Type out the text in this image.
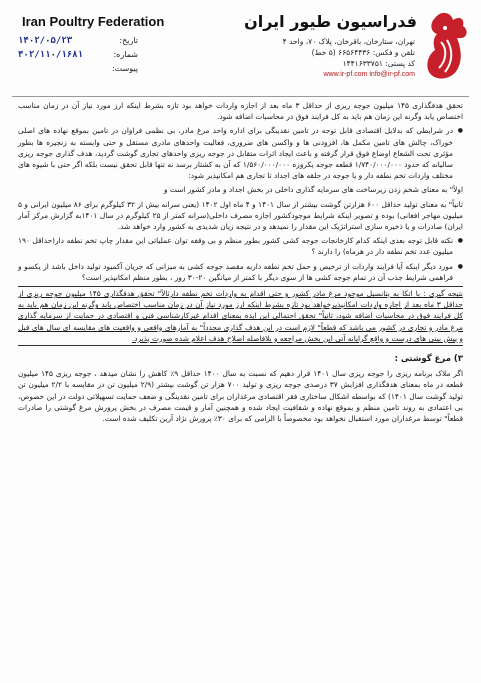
Iran Poultry Federation	فدراسیون طیور ایران
تاریخ:
۱۴۰۲/۰۵/۲۳
شماره:
۴۰۲/۱۱۰/۱۶۸۱
پیوست:
تهران، ستارخان، باقرخان، پلاک ۷۰، واحد ۴
تلفن و فکس: ۶۶۵۶۴۴۳۶ (۵ خط)
کد پستی: ۱۴۴۱۶۳۳۷۵۱
www.ir-pf.com info@ir-pf.com

تحقق هدفگذاری ۱۴۵ میلیون جوجه ریزی از حداقل ۳ ماه بعد از اجازه واردات خواهد بود تازه بشرط اینکه ارز مورد نیاز آن در زمان مناسب اختصاص یابد وگرنه این زمان هم باید به کل فرایند فوق در محاسبات اضافه شود.

● در شرایطی که بدلایل اقتصادی قابل توجه در تامین نقدینگی برای اداره واحد مرغ مادر، بی نظمی فراوان در تامین بموقع نهاده های اصلی خوراک، چالش های تامین مکمل ها، افزودنی ها و واکسن های ضروری، فعالیت واحدهای مادری مستقل و حتی وابسته به زنجیره ها بطور مؤثری تحت الشعاع اوضاع فوق قرار گرفته و باعث ایجاد اثرات متقابل در جوجه ریزی واحدهای تجاری گوشت گردید، هدف گذاری جوجه ریزی سالیانه که حدود ۱/۷۴۰/۰۰۰/۰۰۰ قطعه جوجه یکروزه ۱/۵۶۰/۰۰۰/۰۰۰ که آن به کشتار برسد نه تنها قابل تحقق نیست بلکه اگر حتی با شیوه های مختلف واردات تخم نطفه دار و یا جوجه در حلقه های اجداد تا تجاری هم امکانپذیر شود:

اولاً" به معنای شخم زدن زیرساخت های سرمایه گذاری داخلی در بخش اجداد و مادر کشور است و

ثانیاً" به معنای تولید حداقل ۶۰۰ هزارتن گوشت بیشتر از سال ۱۴۰۱ و ۴ ماه اول ۱۴۰۲ (یعنی سرانه بیش از ۳۲ کیلوگرم برای ۸۶ میلیون ایرانی و ۵ میلیون مهاجر افغانی) بوده و تصویر اینکه شرایط موجودکشور اجازه مصرف داخلی(سرانه کمتر از ۲۵ کیلوگرم در سال ۱۴۰۱به گزارش مرکز آمار ایران) صادرات و یا ذخیره سازی استراتژیک این مقدار را نمیدهد و در نتیجه زیان شدیدی به کشور وارد خواهد شد.

● نکته قابل توجه بعدی اینکه کدام کارخانجات جوجه کشی کشور بطور منظم و بی وقفه توان عملیاتی این مقدار چاپ تخم نطفه دار(حداقل ۱۹۰ میلیون عدد تخم نطفه دار در هرماه) را دارند ؟

● مورد دیگر اینکه آیا فرایند واردات از ترخیص و حمل تخم نطفه داربه مقصد جوجه کشی به میزانی که جریان آکمبود تولید داخل باشد از یکسو و فراهمی شرایط جذب آن در تمام جوجه کشی ها از سوی دیگر با کمتر از میانگین ۲۰-۳۰ روز ، بطور منظم امکانپذیر است؟

نتیجه گیری : با اتکا به پتانسیل موجود مرغ مادر کشور و حتی اقدام به واردات تخم نطفه دارثالاً" تحقق هدفگذاری ۱۴۵ میلیون جوجه ریزی از حداقل ۳ ماه بعد از اجازه واردات امکانپذیرخواهد بود تازه بشرط اینکه ارز مورد نیاز آن در زمان مناسب اختصاص یابد وگرنه این زمان هم باید به کل فرایند فوق در محاسبات اضافه شود، ثانیاً" تحقق احتمالی این ایده بمعنای اقدام غیرکارشناسی فنی و اقتصادی در حمایت از سرمایه گذاری مرغ مادر و تجاری در کشور می باشد که قطعاً" لازم است در این هدف گذاری مجدداً" به آمارهای واقعی و واقعیت های مقایسه ای سال های قبل و پیش بینی های درست و واقع گرایانه آتی این بخش مراجعه و بلافاصله اصلاح هدف اعلام شده صورت پذیرد.

۳) مرغ گوشتی :

اگر ملاک برنامه ریزی را جوجه ریزی سال ۱۴۰۱ قرار دهیم که نسبت به سال ۱۴۰۰ حداقل ۹٪ کاهش را نشان میدهد ، جوجه ریزی ۱۴۵ میلیون قطعه در ماه بمعنای هدفگذاری افزایش ۳۷ درصدی جوجه ریزی و تولید ۷۰۰ هزار تن گوشت بیشتر (۲/۹ میلیون تن در مقایسه با ۲/۲ میلیون تن تولید گوشت سال ۱۴۰۱) که بواسطه اشکال ساختاری فقر اقتصادی مرغداران برای تامین نقدینگی و ضعف حمایت تسهیلاتی دولت در این خصوص، بی اعتمادی به روند تامین منظم و بموقع نهاده و شفافیت ایجاد شده و همچنین آمار و قیمت مصرف در بخش پرورش مرغ گوشتی را صادرات قطعاً" توسط مرغداران مورد استقبال نخواهد بود مخصوصاً با الزامی که برای ۳۰٪ پرورش نژاد آرین تکلیف شده است.
